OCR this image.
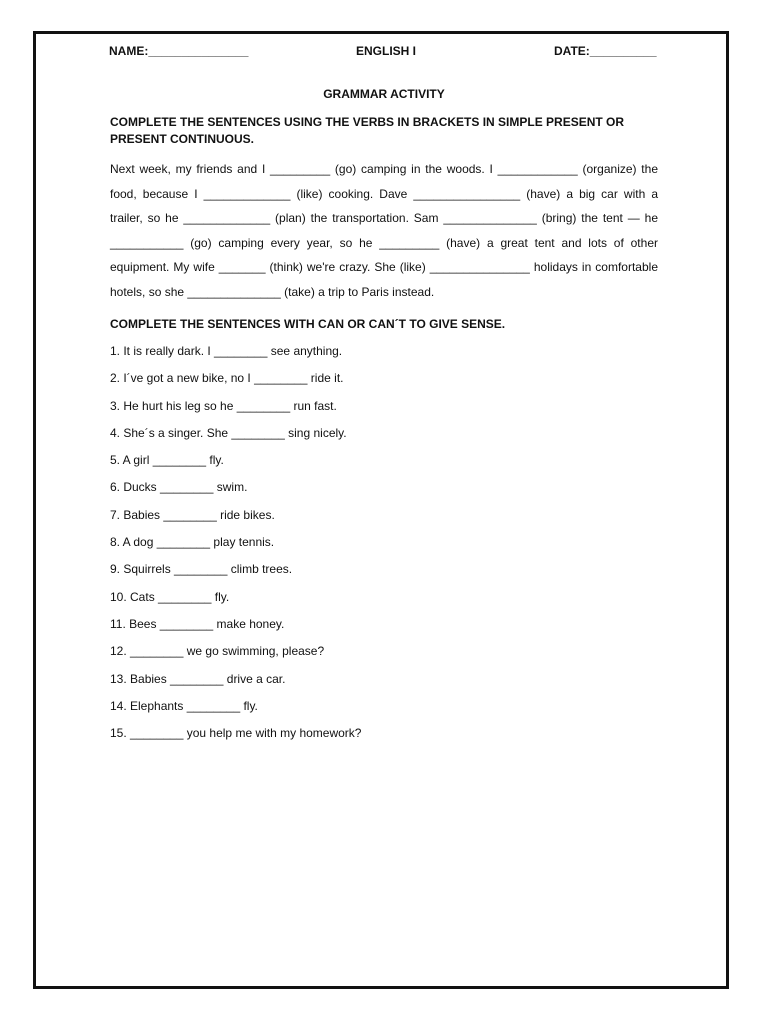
NAME:_______________	ENGLISH I	DATE:__________
GRAMMAR ACTIVITY
COMPLETE THE SENTENCES USING THE VERBS IN BRACKETS IN SIMPLE PRESENT OR PRESENT CONTINUOUS.
Next week, my friends and I _________ (go) camping in the woods. I ____________ (organize) the food, because I _____________ (like) cooking. Dave ________________ (have) a big car with a trailer, so he _____________ (plan) the transportation. Sam ______________ (bring) the tent — he ___________ (go) camping every year, so he _________ (have) a great tent and lots of other equipment. My wife _______ (think) we're crazy. She (like) _______________ holidays in comfortable hotels, so she ______________ (take) a trip to Paris instead.
COMPLETE THE SENTENCES WITH CAN OR CAN´T TO GIVE SENSE.
1. It is really dark. I ________ see anything.
2. I´ve got a new bike, no I ________ ride it.
3. He hurt his leg so he ________ run fast.
4. She´s a singer. She ________ sing nicely.
5. A girl ________ fly.
6. Ducks ________ swim.
7. Babies ________ ride bikes.
8. A dog ________ play tennis.
9. Squirrels ________ climb trees.
10. Cats ________ fly.
11. Bees ________ make honey.
12. ________ we go swimming, please?
13. Babies ________ drive a car.
14. Elephants ________ fly.
15. ________ you help me with my homework?
